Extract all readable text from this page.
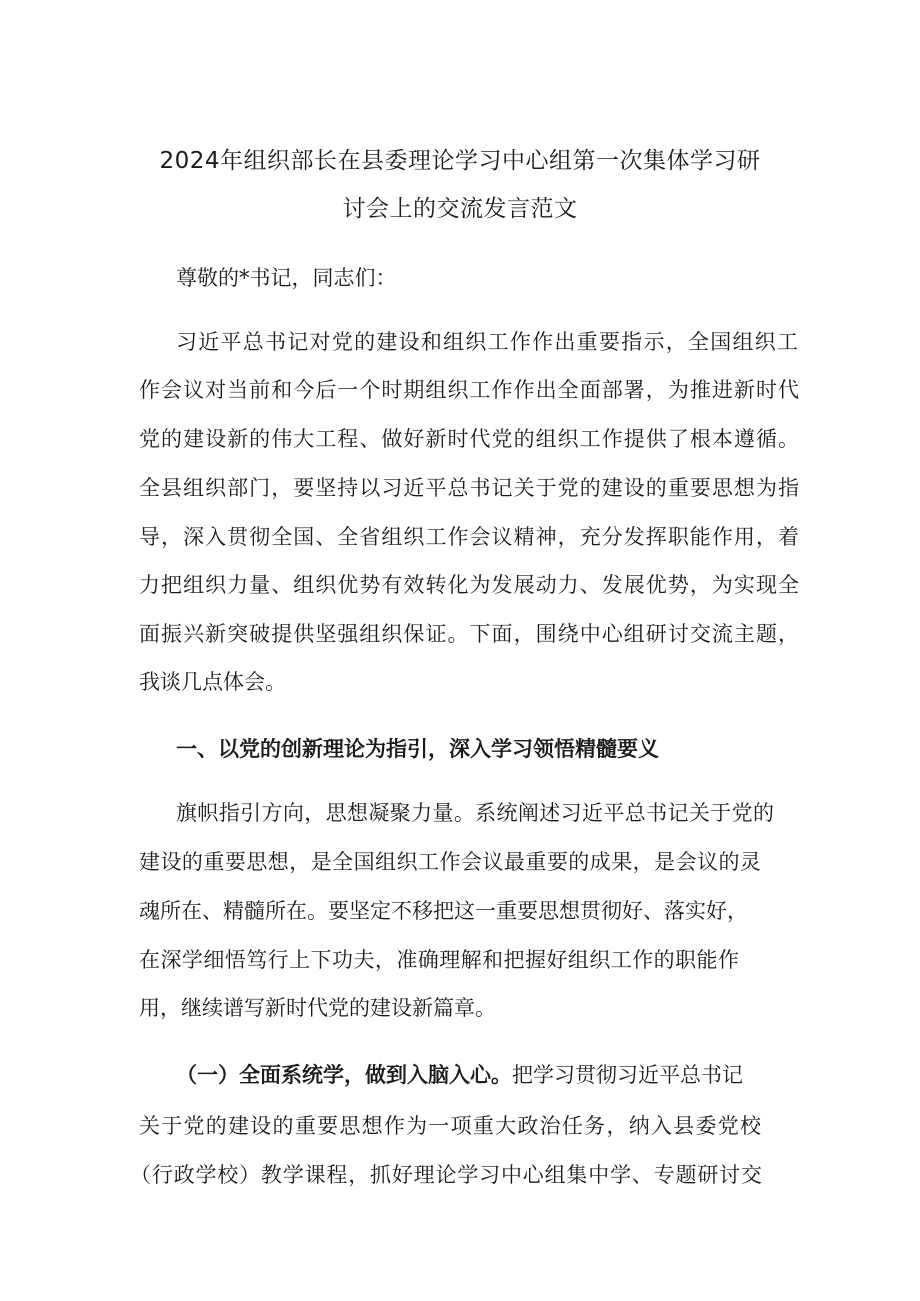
2024年组织部长在县委理论学习中心组第一次集体学习研
讨会上的交流发言范文

尊敬的*书记，同志们：

习近平总书记对党的建设和组织工作作出重要指示，全国组织工

作会议对当前和今后一个时期组织工作作出全面部署，为推进新时代

党的建设新的伟大工程、做好新时代党的组织工作提供了根本遵循。

全县组织部门，要坚持以习近平总书记关于党的建设的重要思想为指

导，深入贯彻全国、全省组织工作会议精神，充分发挥职能作用，着

力把组织力量、组织优势有效转化为发展动力、发展优势，为实现全

面振兴新突破提供坚强组织保证。下面，围绕中心组研讨交流主题，

我谈几点体会。

一、以党的创新理论为指引，深入学习领悟精髓要义

旗帜指引方向，思想凝聚力量。系统阐述习近平总书记关于党的

建设的重要思想，是全国组织工作会议最重要的成果，是会议的灵

魂所在、精髓所在。要坚定不移把这一重要思想贯彻好、落实好，

在深学细悟笃行上下功夫，准确理解和把握好组织工作的职能作

用，继续谱写新时代党的建设新篇章。

（一）全面系统学，做到入脑入心。把学习贯彻习近平总书记

关于党的建设的重要思想作为一项重大政治任务，纳入县委党校

（行政学校）教学课程，抓好理论学习中心组集中学、专题研讨交
